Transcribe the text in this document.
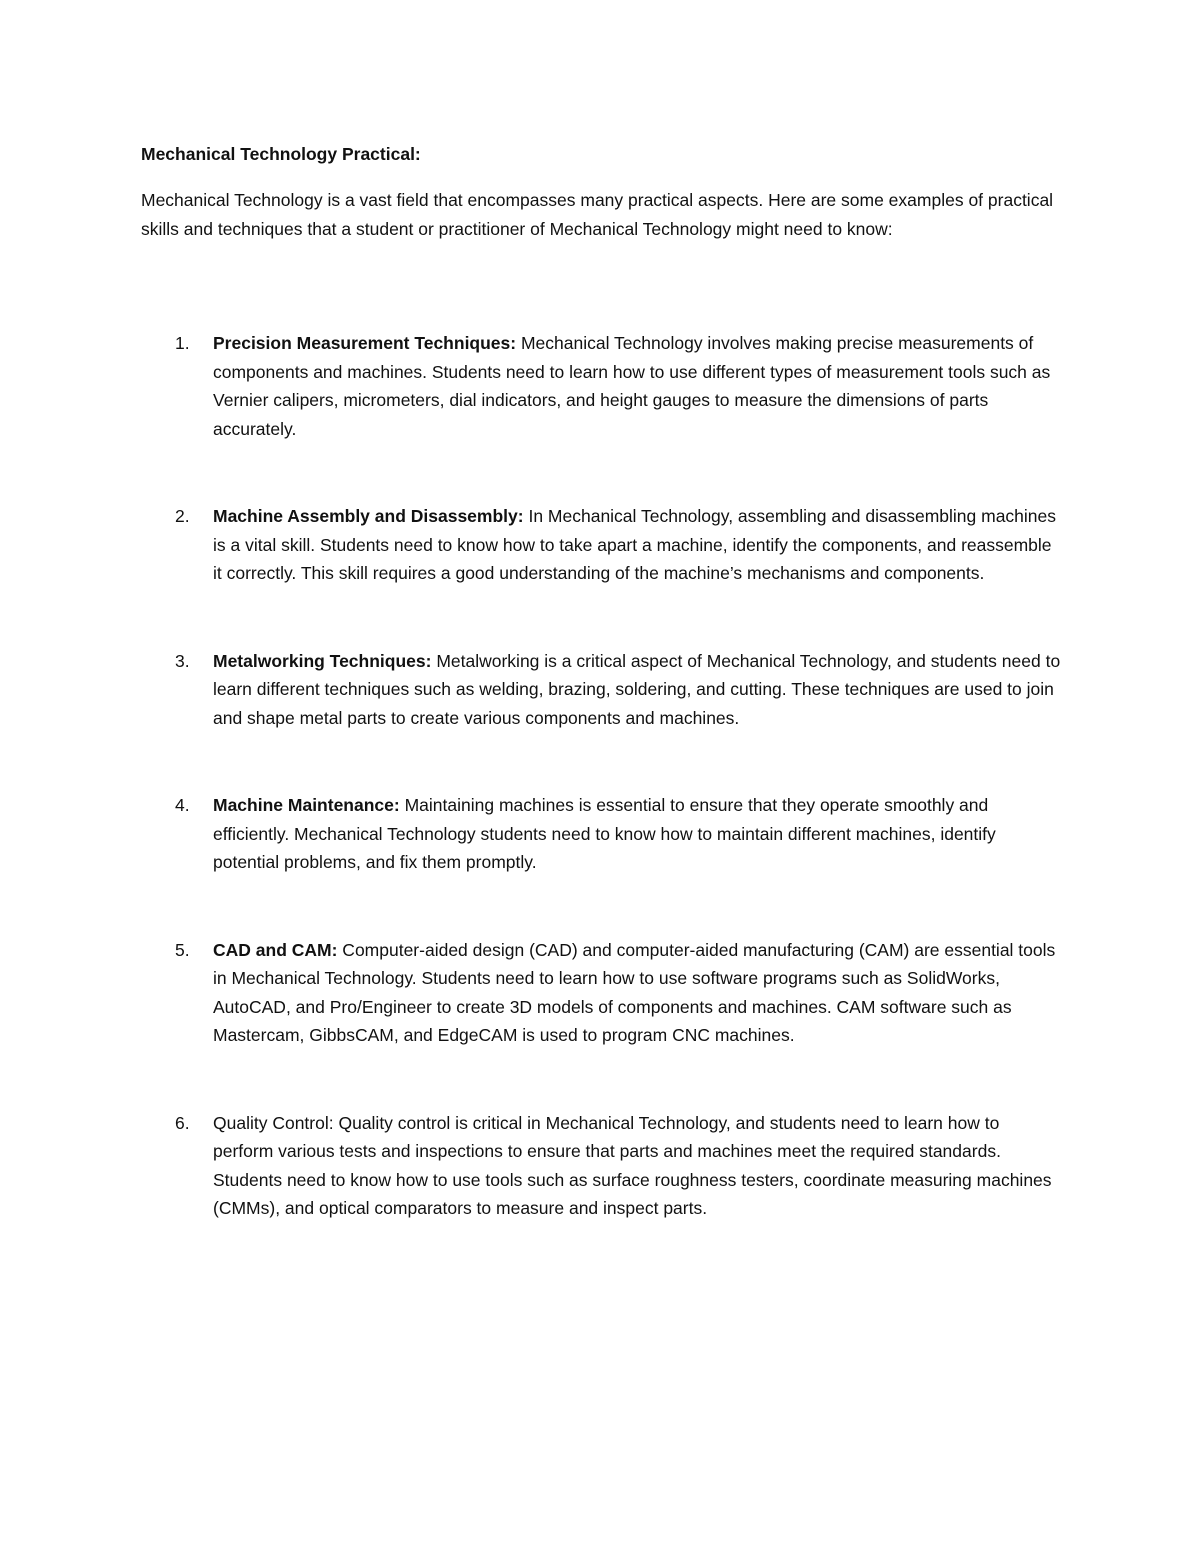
Mechanical Technology Practical:

Mechanical Technology is a vast field that encompasses many practical aspects. Here are some examples of practical skills and techniques that a student or practitioner of Mechanical Technology might need to know:

1. Precision Measurement Techniques: Mechanical Technology involves making precise measurements of components and machines. Students need to learn how to use different types of measurement tools such as Vernier calipers, micrometers, dial indicators, and height gauges to measure the dimensions of parts accurately.
2. Machine Assembly and Disassembly: In Mechanical Technology, assembling and disassembling machines is a vital skill. Students need to know how to take apart a machine, identify the components, and reassemble it correctly. This skill requires a good understanding of the machine’s mechanisms and components.
3. Metalworking Techniques: Metalworking is a critical aspect of Mechanical Technology, and students need to learn different techniques such as welding, brazing, soldering, and cutting. These techniques are used to join and shape metal parts to create various components and machines.
4. Machine Maintenance: Maintaining machines is essential to ensure that they operate smoothly and efficiently. Mechanical Technology students need to know how to maintain different machines, identify potential problems, and fix them promptly.
5. CAD and CAM: Computer-aided design (CAD) and computer-aided manufacturing (CAM) are essential tools in Mechanical Technology. Students need to learn how to use software programs such as SolidWorks, AutoCAD, and Pro/Engineer to create 3D models of components and machines. CAM software such as Mastercam, GibbsCAM, and EdgeCAM is used to program CNC machines.
6. Quality Control: Quality control is critical in Mechanical Technology, and students need to learn how to perform various tests and inspections to ensure that parts and machines meet the required standards. Students need to know how to use tools such as surface roughness testers, coordinate measuring machines (CMMs), and optical comparators to measure and inspect parts.
